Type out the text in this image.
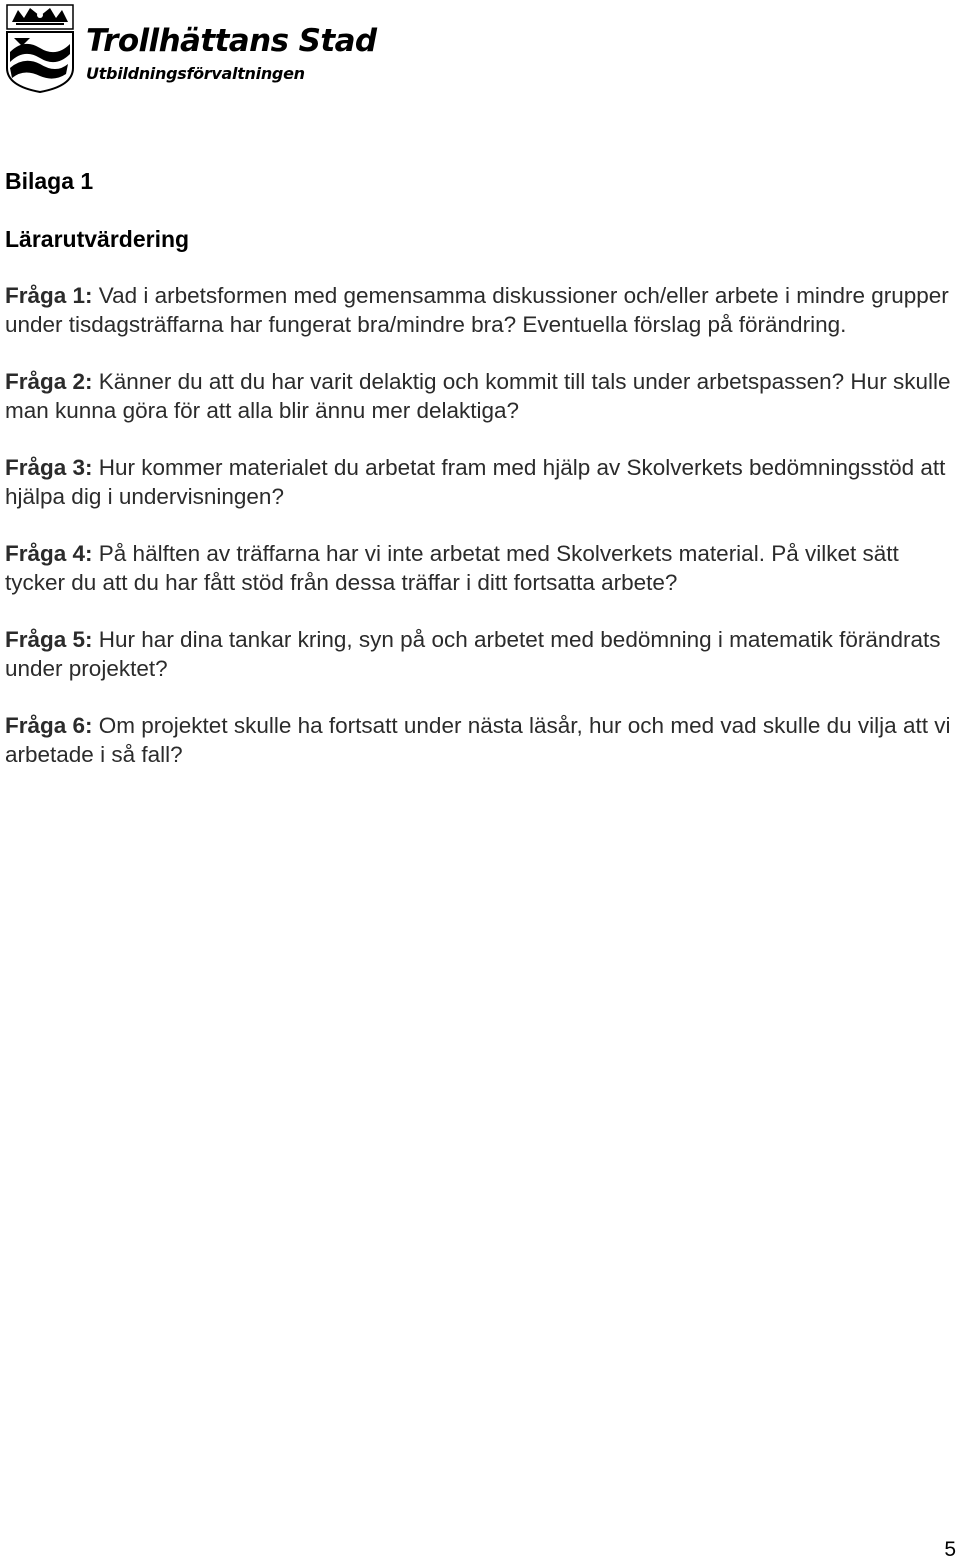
Trollhättans Stad
Utbildningsförvaltningen
Bilaga 1
Lärarutvärdering

Fråga 1: Vad i arbetsformen med gemensamma diskussioner och/eller arbete i mindre grupper under tisdagsträffarna har fungerat bra/mindre bra? Eventuella förslag på förändring.

Fråga 2: Känner du att du har varit delaktig och kommit till tals under arbetspassen? Hur skulle man kunna göra för att alla blir ännu mer delaktiga?

Fråga 3: Hur kommer materialet du arbetat fram med hjälp av Skolverkets bedömningsstöd att hjälpa dig i undervisningen?

Fråga 4: På hälften av träffarna har vi inte arbetat med Skolverkets material. På vilket sätt tycker du att du har fått stöd från dessa träffar i ditt fortsatta arbete?

Fråga 5: Hur har dina tankar kring, syn på och arbetet med bedömning i matematik förändrats under projektet?

Fråga 6: Om projektet skulle ha fortsatt under nästa läsår, hur och med vad skulle du vilja att vi arbetade i så fall?

5
